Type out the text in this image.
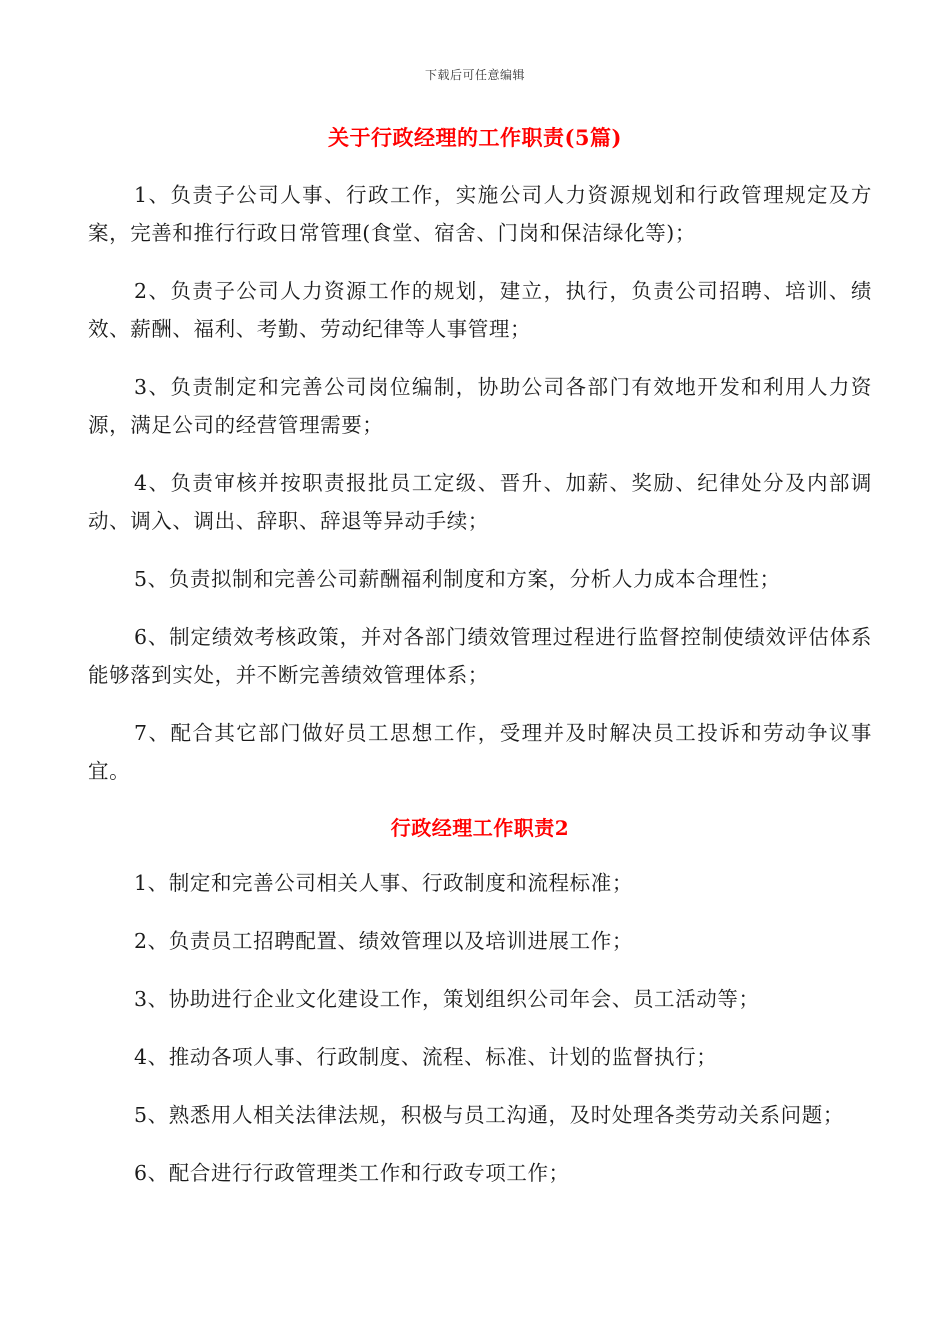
下载后可任意编辑
关于行政经理的工作职责(5篇)

1、负责子公司人事、行政工作，实施公司人力资源规划和行政管理规定及方案，完善和推行行政日常管理(食堂、宿舍、门岗和保洁绿化等)；

2、负责子公司人力资源工作的规划，建立，执行，负责公司招聘、培训、绩效、薪酬、福利、考勤、劳动纪律等人事管理；

3、负责制定和完善公司岗位编制，协助公司各部门有效地开发和利用人力资源，满足公司的经营管理需要；

4、负责审核并按职责报批员工定级、晋升、加薪、奖励、纪律处分及内部调动、调入、调出、辞职、辞退等异动手续；

5、负责拟制和完善公司薪酬福利制度和方案，分析人力成本合理性；

6、制定绩效考核政策，并对各部门绩效管理过程进行监督控制使绩效评估体系能够落到实处，并不断完善绩效管理体系；

7、配合其它部门做好员工思想工作，受理并及时解决员工投诉和劳动争议事宜。

行政经理工作职责2

1、制定和完善公司相关人事、行政制度和流程标准；

2、负责员工招聘配置、绩效管理以及培训进展工作；

3、协助进行企业文化建设工作，策划组织公司年会、员工活动等；

4、推动各项人事、行政制度、流程、标准、计划的监督执行；

5、熟悉用人相关法律法规，积极与员工沟通，及时处理各类劳动关系问题；

6、配合进行行政管理类工作和行政专项工作；
